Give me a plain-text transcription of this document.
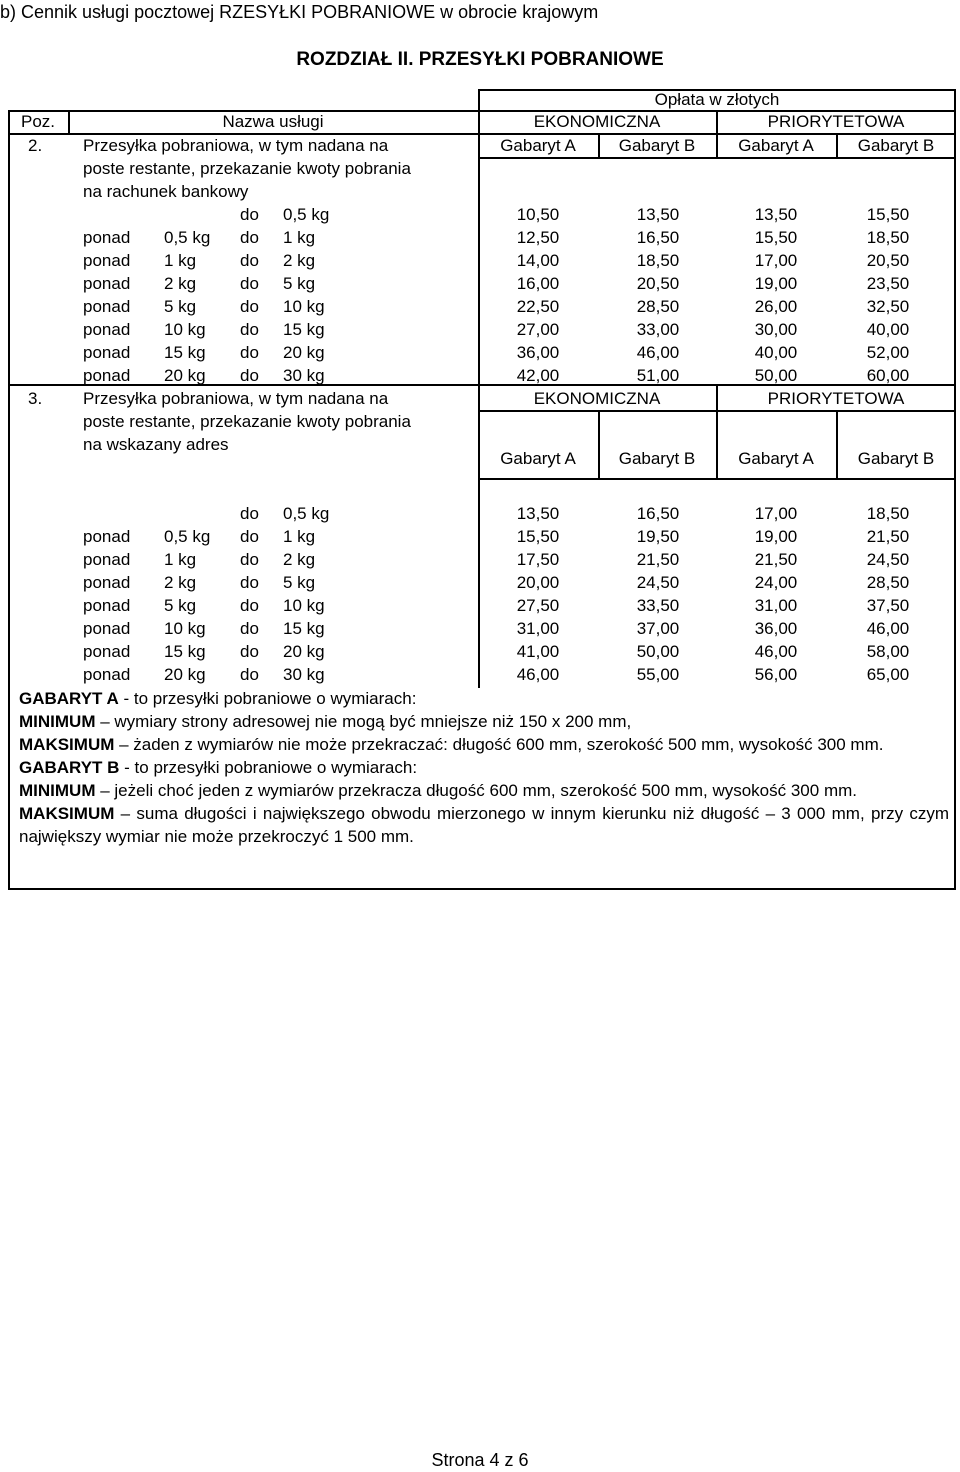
b) Cennik usługi pocztowej RZESYŁKI POBRANIOWE w obrocie krajowym
ROZDZIAŁ II. PRZESYŁKI POBRANIOWE
Opłata w złotych
Poz.	Nazwa usługi	EKONOMICZNA	PRIORYTETOWA
2. Przesyłka pobraniowa, w tym nadana na
poste restante, przekazanie kwoty pobrania
na rachunek bankowy
Gabaryt A	Gabaryt B	Gabaryt A	Gabaryt B
do 0,5 kg	10,50	13,50	13,50	15,50
ponad 0,5 kg do 1 kg	12,50	16,50	15,50	18,50
ponad 1 kg	do 2 kg	14,00	18,50	17,00	20,50
ponad 2 kg	do 5 kg	16,00	20,50	19,00	23,50
ponad 5 kg	do 10 kg	22,50	28,50	26,00	32,50
ponad 10 kg do 15 kg	27,00	33,00	30,00	40,00
ponad 15 kg do 20 kg	36,00	46,00	40,00	52,00
ponad 20 kg do 30 kg	42,00	51,00	50,00	60,00
3. Przesyłka pobraniowa, w tym nadana na
poste restante, przekazanie kwoty pobrania
na wskazany adres
EKONOMICZNA	PRIORYTETOWA
Gabaryt A	Gabaryt B	Gabaryt A	Gabaryt B
do 0,5 kg	13,50	16,50	17,00	18,50
ponad 0,5 kg do 1 kg	15,50	19,50	19,00	21,50
ponad 1 kg	do 2 kg	17,50	21,50	21,50	24,50
ponad 2 kg	do 5 kg	20,00	24,50	24,00	28,50
ponad 5 kg	do 10 kg	27,50	33,50	31,00	37,50
ponad 10 kg do 15 kg	31,00	37,00	36,00	46,00
ponad 15 kg do 20 kg	41,00	50,00	46,00	58,00
ponad 20 kg do 30 kg	46,00	55,00	56,00	65,00

GABARYT A - to przesyłki pobraniowe o wymiarach:

MINIMUM – wymiary strony adresowej nie mogą być mniejsze niż 150 x 200 mm,

MAKSIMUM – żaden z wymiarów nie może przekraczać: długość 600 mm, szerokość 500 mm, wysokość 300 mm.

GABARYT B - to przesyłki pobraniowe o wymiarach:

MINIMUM – jeżeli choć jeden z wymiarów przekracza długość 600 mm, szerokość 500 mm, wysokość 300 mm.

MAKSIMUM – suma długości i największego obwodu mierzonego w innym kierunku niż długość – 3 000 mm, przy czym największy wymiar nie może przekroczyć 1 500 mm.

Strona 4 z 6
